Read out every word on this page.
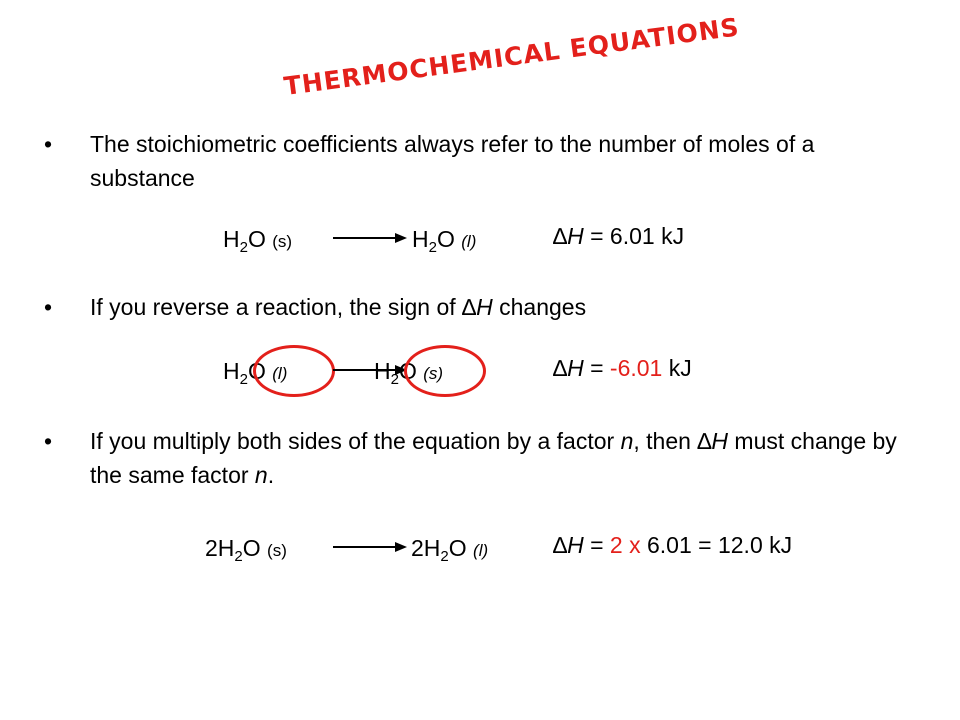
THERMOCHEMICAL EQUATIONS
• The stoichiometric coefficients always refer to the number of moles of a substance
$H_2O$ (s)	$H_2O$ (l)	∆H = 6.01 kJ
• If you reverse a reaction, the sign of ∆H changes
$H_2O$ (l)	$H_2O$ (s)	∆H = -6.01 kJ
• If you multiply both sides of the equation by a factor n, then ∆H must change by the same factor n.
$2H_2O$ (s)	$2H_2O$ (l)	∆H = 2 x 6.01 = 12.0 kJ
